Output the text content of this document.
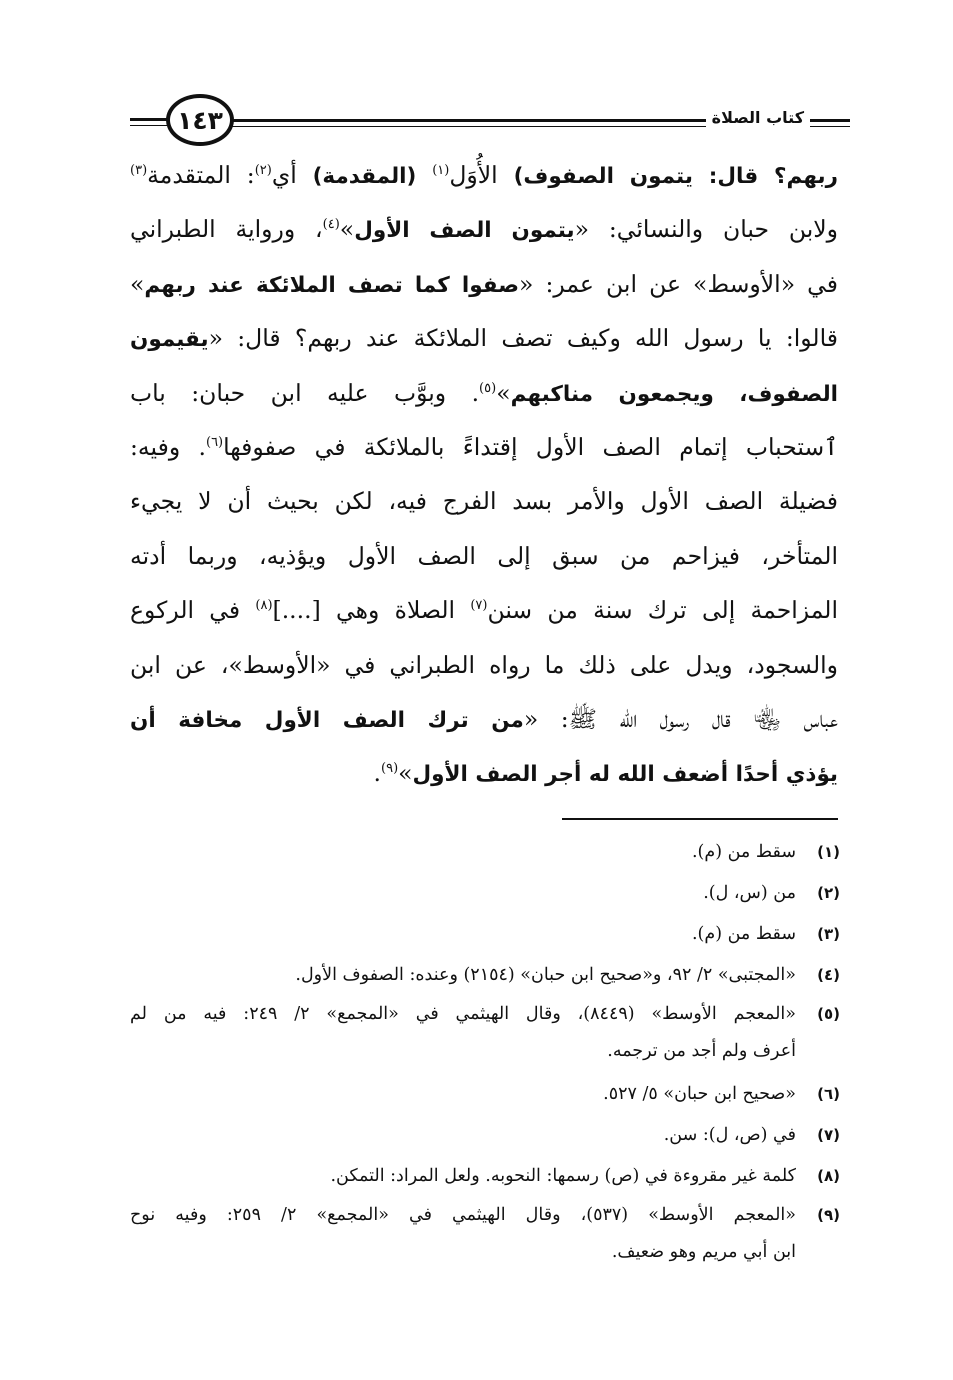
١٤٣	كتاب الصلاة
ربهم؟ قال: يتمون الصفوف) الأُوَل$^{(١)}$ (المقدمة) أي$^{(٢)}$: المتقدمة$^{(٣)}$
ولابن حبان والنسائي: «يتمون الصف الأول»$^{(٤)}$، ورواية الطبراني
في «الأوسط» عن ابن عمر: «صفوا كما تصف الملائكة عند ربهم»
قالوا: يا رسول الله وكيف تصف الملائكة عند ربهم؟ قال: «يقيمون
الصفوف، ويجمعون مناكبهم»$^{(٥)}$. وبوَّب عليه ابن حبان: باب
ٱستحباب إتمام الصف الأول إقتداءً بالملائكة في صفوفها$^{(٦)}$. وفيه:
فضيلة الصف الأول والأمر بسد الفرج فيه، لكن بحيث أن لا يجيء
المتأخر، فيزاحم من سبق إلى الصف الأول ويؤذيه، وربما أدته
المزاحمة إلى ترك سنة من سنن$^{(٧)}$ الصلاة وهي [....]$^{(٨)}$ في الركوع
والسجود، ويدل على ذلك ما رواه الطبراني في «الأوسط»، عن ابن
عباس ﵄ قال رسول الله ﷺ: «من ترك الصف الأول مخافة أن
يؤذي أحدًا أضعف الله له أجر الصف الأول»$^{(٩)}$.
(١)
سقط من (م).
(٢)
من (س، ل).
(٣)
سقط من (م).
(٤)
«المجتبى» ٢/ ٩٢، و«صحيح ابن حبان» (٢١٥٤) وعنده: الصفوف الأول.
(٥)
«المعجم الأوسط» (٨٤٤٩)، وقال الهيثمي في «المجمع» ٢/ ٢٤٩: فيه من لم
أعرف ولم أجد من ترجمه.
(٦)
«صحيح ابن حبان» ٥/ ٥٢٧.
(٧)
في (ص، ل): سن.
(٨)
كلمة غير مقروءة في (ص) رسمها: النحوبه. ولعل المراد: التمكن.
(٩)
«المعجم الأوسط» (٥٣٧)، وقال الهيثمي في «المجمع» ٢/ ٢٥٩: وفيه نوح
ابن أبي مريم وهو ضعيف.
